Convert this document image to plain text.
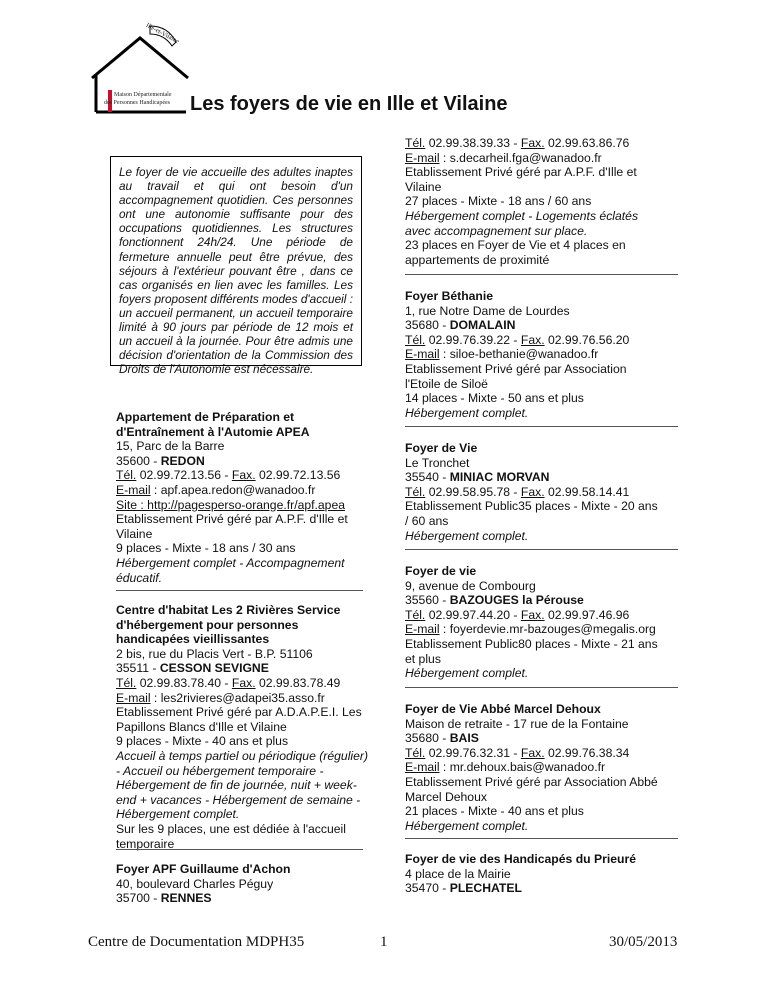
Ille-et-Vilaine
Maison Départementale
des Personnes Handicapées Les foyers de vie en Ille et Vilaine
Le foyer de vie accueille des adultes inaptes au travail et qui ont besoin d'un accompagnement quotidien. Ces personnes ont une autonomie suffisante pour des occupations quotidiennes. Les structures fonctionnent 24h/24. Une période de fermeture annuelle peut être prévue, des séjours à l'extérieur pouvant être , dans ce cas organisés en lien avec les familles. Les foyers proposent différents modes d'accueil : un accueil permanent, un accueil temporaire limité à 90 jours par période de 12 mois et un accueil à la journée. Pour être admis une décision d'orientation de la Commission des Droits de l'Autonomie est nécessaire.

Appartement de Préparation et

d'Entraînement à l'Automie APEA

15, Parc de la Barre

35600 - REDON

Tél. 02.99.72.13.56 - Fax. 02.99.72.13.56

E-mail : apf.apea.redon@wanadoo.fr

Site : http://pagesperso-orange.fr/apf.apea

Etablissement Privé géré par A.P.F. d'Ille et

Vilaine

9 places - Mixte - 18 ans / 30 ans

Hébergement complet - Accompagnement

éducatif.

Centre d'habitat Les 2 Rivières Service

d'hébergement pour personnes

handicapées vieillissantes

2 bis, rue du Placis Vert - B.P. 51106

35511 - CESSON SEVIGNE

Tél. 02.99.83.78.40 - Fax. 02.99.83.78.49

E-mail : les2rivieres@adapei35.asso.fr

Etablissement Privé géré par A.D.A.P.E.I. Les

Papillons Blancs d'Ille et Vilaine

9 places - Mixte - 40 ans et plus

Accueil à temps partiel ou périodique (régulier)

- Accueil ou hébergement temporaire -

Hébergement de fin de journée, nuit + week-

end + vacances - Hébergement de semaine -

Hébergement complet.

Sur les 9 places, une est dédiée à l'accueil

temporaire

Foyer APF Guillaume d'Achon

40, boulevard Charles Péguy

35700 - RENNES

Tél. 02.99.38.39.33 - Fax. 02.99.63.86.76

E-mail : s.decarheil.fga@wanadoo.fr

Etablissement Privé géré par A.P.F. d'Ille et

Vilaine

27 places - Mixte - 18 ans / 60 ans

Hébergement complet - Logements éclatés

avec accompagnement sur place.

23 places en Foyer de Vie et 4 places en

appartements de proximité

Foyer Béthanie

1, rue Notre Dame de Lourdes

35680 - DOMALAIN

Tél. 02.99.76.39.22 - Fax. 02.99.76.56.20

E-mail : siloe-bethanie@wanadoo.fr

Etablissement Privé géré par Association

l'Etoile de Siloë

14 places - Mixte - 50 ans et plus

Hébergement complet.

Foyer de Vie

Le Tronchet

35540 - MINIAC MORVAN

Tél. 02.99.58.95.78 - Fax. 02.99.58.14.41

Etablissement Public35 places - Mixte - 20 ans

/ 60 ans

Hébergement complet.

Foyer de vie

9, avenue de Combourg

35560 - BAZOUGES la Pérouse

Tél. 02.99.97.44.20 - Fax. 02.99.97.46.96

E-mail : foyerdevie.mr-bazouges@megalis.org

Etablissement Public80 places - Mixte - 21 ans

et plus

Hébergement complet.

Foyer de Vie Abbé Marcel Dehoux

Maison de retraite - 17 rue de la Fontaine

35680 - BAIS

Tél. 02.99.76.32.31 - Fax. 02.99.76.38.34

E-mail : mr.dehoux.bais@wanadoo.fr

Etablissement Privé géré par Association Abbé

Marcel Dehoux

21 places - Mixte - 40 ans et plus

Hébergement complet.

Foyer de vie des Handicapés du Prieuré

4 place de la Mairie

35470 - PLECHATEL

Centre de Documentation MDPH35	1	30/05/2013
